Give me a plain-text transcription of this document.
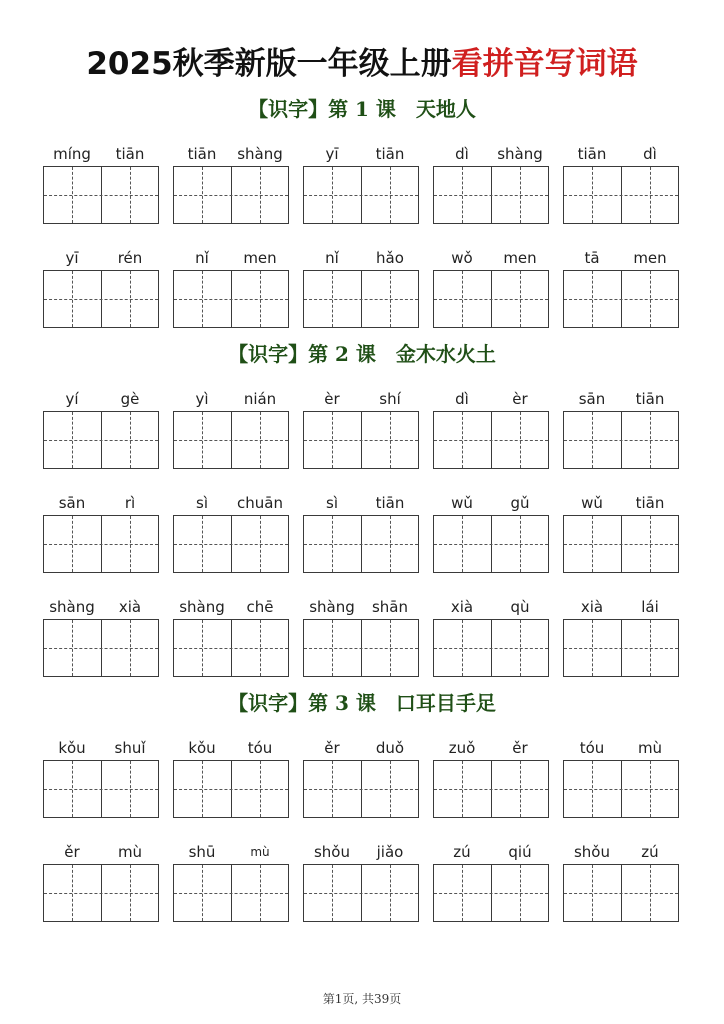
2025秋季新版一年级上册看拼音写词语
【识字】第 1 课　天地人
míng	tiān	tiān	shàng	yī	tiān	dì	shàng	tiān	dì
yī	rén	nǐ	men	nǐ	hǎo	wǒ	men	tā	men
【识字】第 2 课　金木水火土
yí	gè	yì	nián	èr	shí	dì	èr	sān	tiān
sān	rì	sì	chuān	sì	tiān	wǔ	gǔ	wǔ	tiān
shàng	xià	shàng	chē	shàng	shān	xià	qù	xià	lái
【识字】第 3 课　口耳目手足
kǒu	shuǐ	kǒu	tóu	ěr	duǒ	zuǒ	ěr	tóu	mù
ěr	mù	shū	mù	shǒu	jiǎo	zú	qiú	shǒu	zú
第1页, 共39页
